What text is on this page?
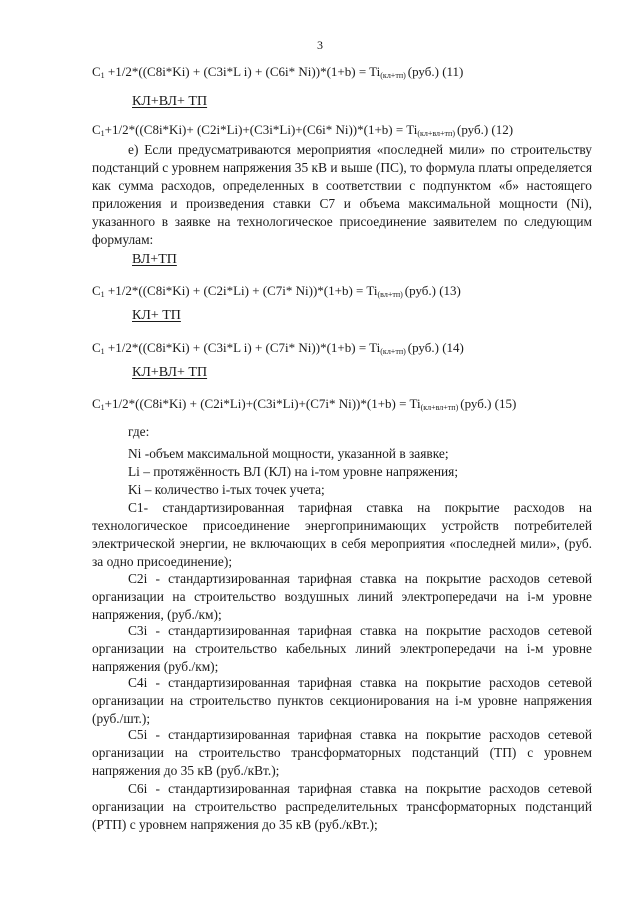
3
$C_1 +1/2*((C8i*Ki) + (C3i*L$ i) + (C6i* $Ni))*(1+b) = Ti_{(кл+тп)}$ (руб.) (11)
КЛ+ВЛ+ ТП
$C_1+1/2*((C8i*Ki)+ (C2i*Li)+(C3i*Li)+(C6i*$ $Ni))*(1+b) = Ti_{(кл+вл+тп)}$ (руб.) (12)
е) Если предусматриваются мероприятия «последней мили» по строительству подстанций с уровнем напряжения 35 кВ и выше (ПС), то формула платы определяется как сумма расходов, определенных в соответствии с подпунктом «б» настоящего приложения и произведения ставки С7 и объема максимальной мощности (Ni), указанного в заявке на технологическое присоединение заявителем по следующим формулам:
ВЛ+ТП
$C_1 +1/2*((C8i*Ki) + (C2i*Li) + (C7i*$ $Ni))*(1+b) = Ti_{(вл+тп)}$ (руб.) (13)
КЛ+ ТП
$C_1 +1/2*((C8i*Ki) + (C3i*L$ i) + (C7i* $Ni))*(1+b) = Ti_{(кл+тп)}$ (руб.) (14)
КЛ+ВЛ+ ТП
$C_1+1/2*((C8i*Ki) + (C2i*Li)+(C3i*Li)+(C7i*$ $Ni))*(1+b) = Ti_{(кл+вл+тп)}$ (руб.) (15)
где:
Ni -объем максимальной мощности, указанной в заявке;
Li – протяжённость ВЛ (КЛ) на i-том уровне напряжения;
Ki – количество i-тых точек учета;
С1- стандартизированная тарифная ставка на покрытие расходов на технологическое присоединение энергопринимающих устройств потребителей электрической энергии, не включающих в себя мероприятия «последней мили», (руб. за одно присоединение);
С2i - стандартизированная тарифная ставка на покрытие расходов сетевой организации на строительство воздушных линий электропередачи на i-м уровне напряжения, (руб./км);
С3i - стандартизированная тарифная ставка на покрытие расходов сетевой организации на строительство кабельных линий электропередачи на i-м уровне напряжения (руб./км);
С4i - стандартизированная тарифная ставка на покрытие расходов сетевой организации на строительство пунктов секционирования на i-м уровне напряжения (руб./шт.);
С5i - стандартизированная тарифная ставка на покрытие расходов сетевой организации на строительство трансформаторных подстанций (ТП) с уровнем напряжения до 35 кВ (руб./кВт.);
С6i - стандартизированная тарифная ставка на покрытие расходов сетевой организации на строительство распределительных трансформаторных подстанций (РТП) с уровнем напряжения до 35 кВ (руб./кВт.);
